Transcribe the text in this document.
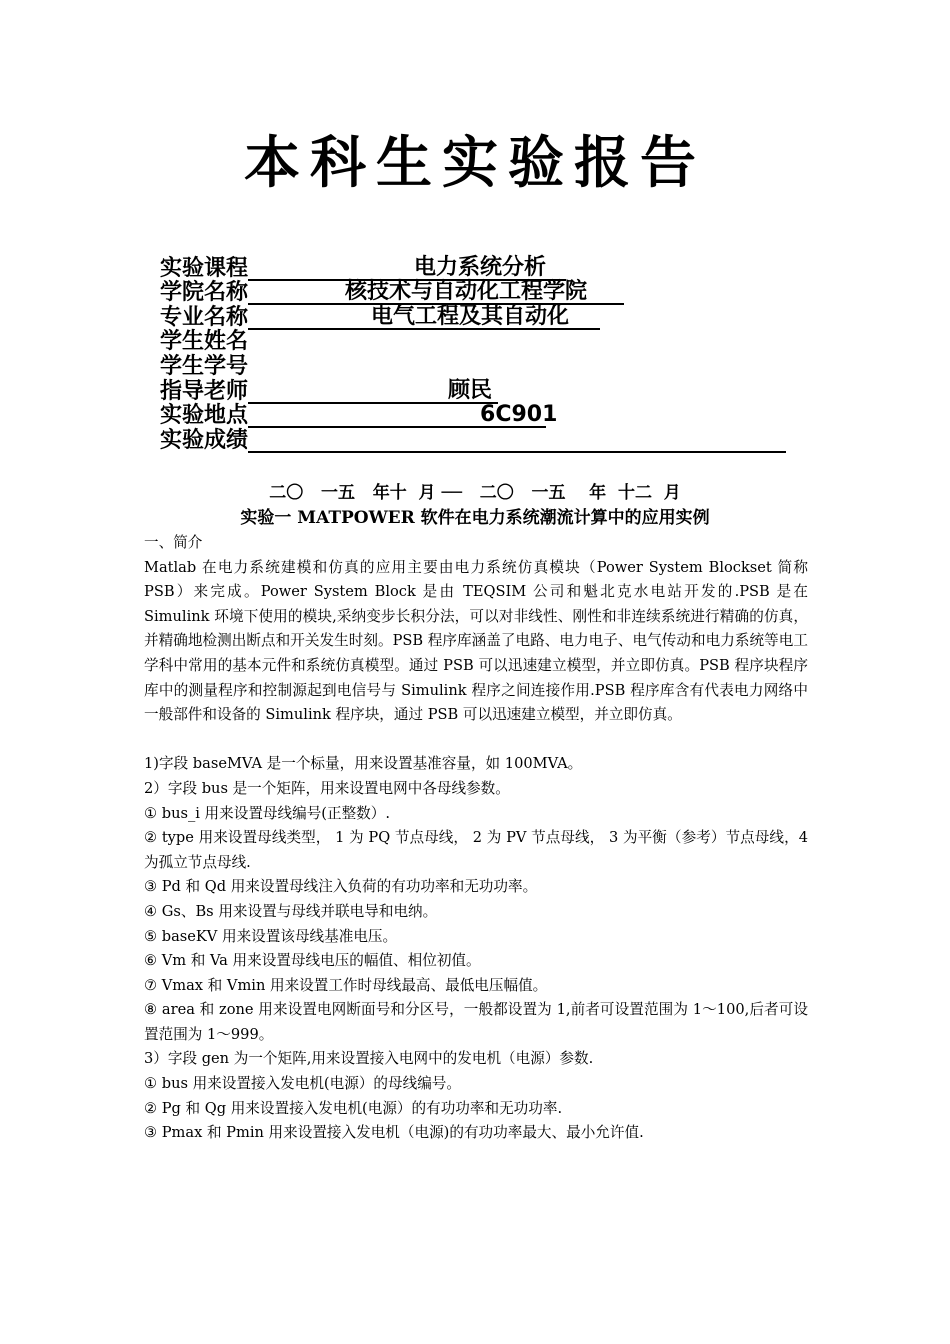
本科生实验报告
实验课程	电力系统分析
学院名称	核技术与自动化工程学院
专业名称	电气工程及其自动化
学生姓名
学生学号
指导老师	顾民
实验地点	6C901
实验成绩
二〇   一五   年十  月 ──   二〇   一五    年  十二  月
实验一 MATPOWER 软件在电力系统潮流计算中的应用实例

一、简介

Matlab 在电力系统建模和仿真的应用主要由电力系统仿真模块（Power System Blockset 简称 PSB）来完成。Power System Block 是由 TEQSIM 公司和魁北克水电站开发的.PSB 是在 Simulink 环境下使用的模块,采纳变步长积分法，可以对非线性、刚性和非连续系统进行精确的仿真，并精确地检测出断点和开关发生时刻。PSB 程序库涵盖了电路、电力电子、电气传动和电力系统等电工学科中常用的基本元件和系统仿真模型。通过 PSB 可以迅速建立模型，并立即仿真。PSB 程序块程序库中的测量程序和控制源起到电信号与 Simulink 程序之间连接作用.PSB 程序库含有代表电力网络中一般部件和设备的 Simulink 程序块，通过 PSB 可以迅速建立模型，并立即仿真。

1)字段 baseMVA 是一个标量，用来设置基准容量，如 100MVA。

2）字段 bus 是一个矩阵，用来设置电网中各母线参数。

① bus_i 用来设置母线编号(正整数）.

② type 用来设置母线类型， 1 为 PQ 节点母线， 2 为 PV 节点母线， 3 为平衡（参考）节点母线，4 为孤立节点母线.

③ Pd 和 Qd 用来设置母线注入负荷的有功功率和无功功率。

④ Gs、Bs 用来设置与母线并联电导和电纳。

⑤ baseKV 用来设置该母线基准电压。

⑥ Vm 和 Va 用来设置母线电压的幅值、相位初值。

⑦ Vmax 和 Vmin 用来设置工作时母线最高、最低电压幅值。

⑧ area 和 zone 用来设置电网断面号和分区号，一般都设置为 1,前者可设置范围为 1～100,后者可设置范围为 1～999。

3）字段 gen 为一个矩阵,用来设置接入电网中的发电机（电源）参数.

① bus 用来设置接入发电机(电源）的母线编号。

② Pg 和 Qg 用来设置接入发电机(电源）的有功功率和无功功率.

③ Pmax 和 Pmin 用来设置接入发电机（电源)的有功功率最大、最小允许值.
